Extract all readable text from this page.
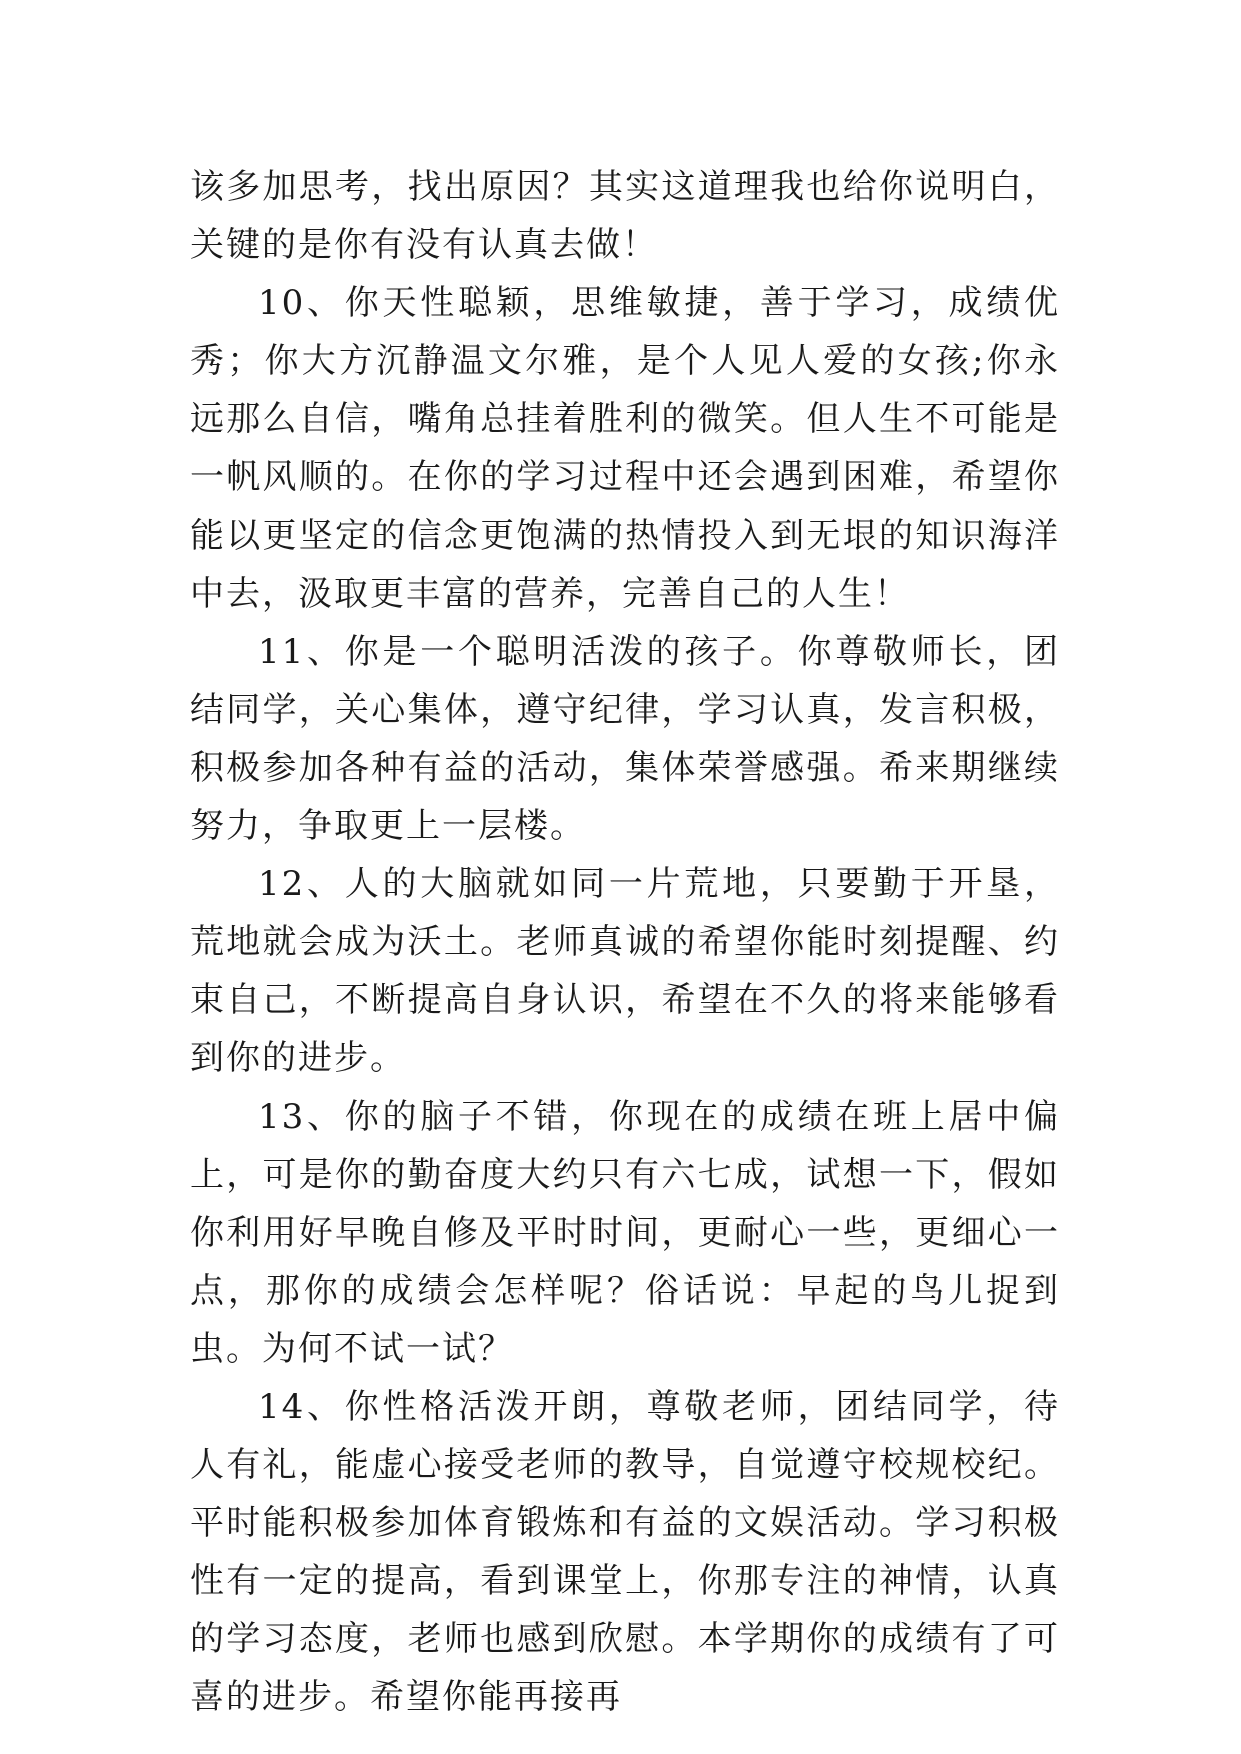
该多加思考，找出原因？其实这道理我也给你说明白，关键的是你有没有认真去做！

10、你天性聪颖，思维敏捷，善于学习，成绩优秀；你大方沉静温文尔雅，是个人见人爱的女孩;你永远那么自信，嘴角总挂着胜利的微笑。但人生不可能是一帆风顺的。在你的学习过程中还会遇到困难，希望你能以更坚定的信念更饱满的热情投入到无垠的知识海洋中去，汲取更丰富的营养，完善自己的人生！

11、你是一个聪明活泼的孩子。你尊敬师长，团结同学，关心集体，遵守纪律，学习认真，发言积极，积极参加各种有益的活动，集体荣誉感强。希来期继续努力，争取更上一层楼。

12、人的大脑就如同一片荒地，只要勤于开垦，荒地就会成为沃土。老师真诚的希望你能时刻提醒、约束自己，不断提高自身认识，希望在不久的将来能够看到你的进步。

13、你的脑子不错，你现在的成绩在班上居中偏上，可是你的勤奋度大约只有六七成，试想一下，假如你利用好早晚自修及平时时间，更耐心一些，更细心一点，那你的成绩会怎样呢？俗话说：早起的鸟儿捉到虫。为何不试一试？

14、你性格活泼开朗，尊敬老师，团结同学，待人有礼，能虚心接受老师的教导，自觉遵守校规校纪。平时能积极参加体育锻炼和有益的文娱活动。学习积极性有一定的提高，看到课堂上，你那专注的神情，认真的学习态度，老师也感到欣慰。本学期你的成绩有了可喜的进步。希望你能再接再
